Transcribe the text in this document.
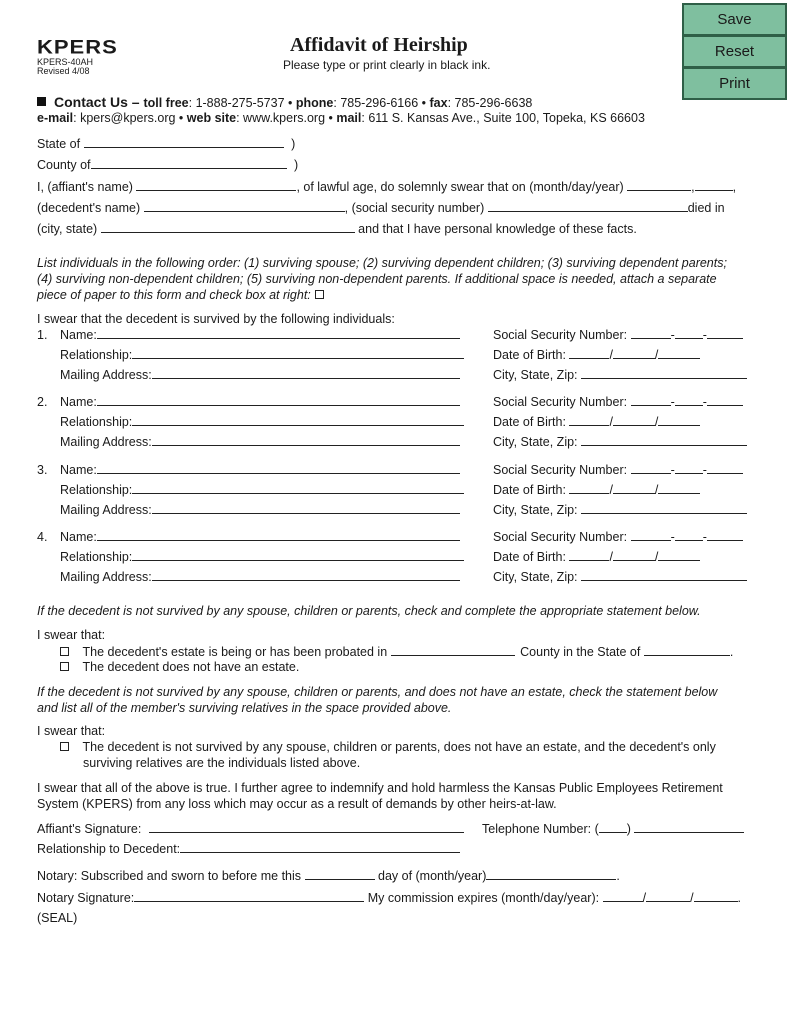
Save
Reset
Print
KPERS
KPERS-40AH
Revised 4/08
Affidavit of Heirship
Please type or print clearly in black ink.
Contact Us – toll free: 1-888-275-5737 • phone: 785-296-6166 • fax: 785-296-6638
e-mail: kpers@kpers.org • web site: www.kpers.org • mail: 611 S. Kansas Ave., Suite 100, Topeka, KS 66603
State of	)
County of	)
I, (affiant's name)	, of lawful age, do solemnly swear that on (month/day/year)	,	,
(decedent's name)	, (social security number)	died in
(city, state)	and that I have personal knowledge of these facts.
List individuals in the following order: (1) surviving spouse; (2) surviving dependent children; (3) surviving dependent parents;
(4) surviving non-dependent children; (5) surviving non-dependent parents. If additional space is needed, attach a separate
piece of paper to this form and check box at right:
I swear that the decedent is survived by the following individuals:
1. Name:	Social Security Number:	- -
Relationship:	Date of Birth:	/	/
Mailing Address:	City, State, Zip:
2. Name:	Social Security Number:	- -
Relationship:	Date of Birth:	/	/
Mailing Address:	City, State, Zip:
3. Name:	Social Security Number:	- -
Relationship:	Date of Birth:	/	/
Mailing Address:	City, State, Zip:
4. Name:	Social Security Number:	- -
Relationship:	Date of Birth:	/	/
Mailing Address:	City, State, Zip:
If the decedent is not survived by any spouse, children or parents, check and complete the appropriate statement below.
I swear that:
The decedent's estate is being or has been probated in	County in the State of	.
The decedent does not have an estate.
If the decedent is not survived by any spouse, children or parents, and does not have an estate, check the statement below
and list all of the member's surviving relatives in the space provided above.
I swear that:
The decedent is not survived by any spouse, children or parents, does not have an estate, and the decedent's only
surviving relatives are the individuals listed above.
I swear that all of the above is true. I further agree to indemnify and hold harmless the Kansas Public Employees Retirement
System (KPERS) from any loss which may occur as a result of demands by other heirs-at-law.
Affiant's Signature:	Telephone Number: ( )
Relationship to Decedent:
Notary: Subscribed and sworn to before me this	day of (month/year)	.
Notary Signature:	My commission expires (month/day/year):	/	/	.
(SEAL)
